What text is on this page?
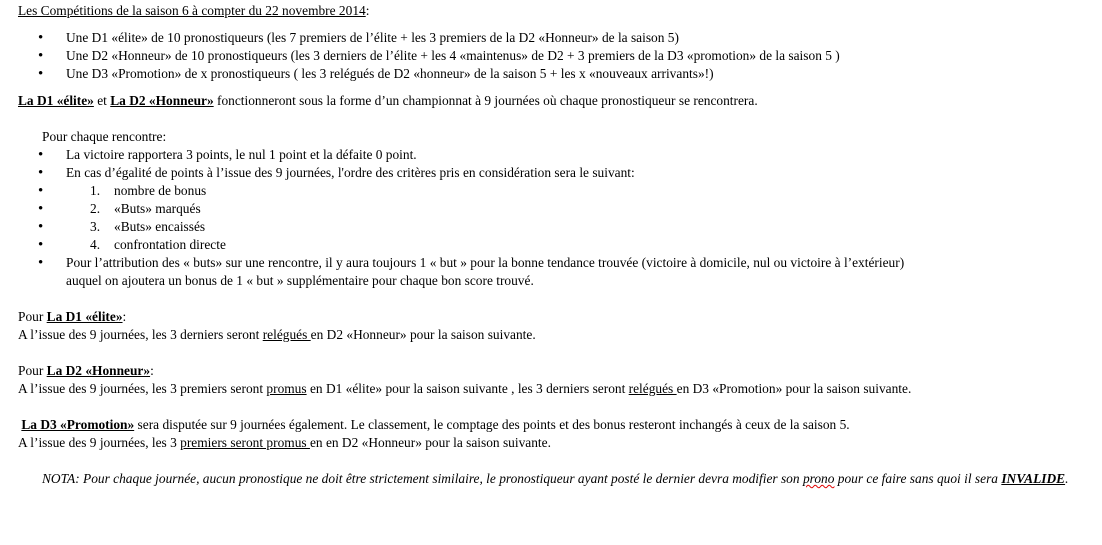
Les Compétitions de la saison 6 à compter du 22 novembre 2014:
• Une D1 «élite» de 10 pronostiqueurs (les 7 premiers de l’élite + les 3 premiers de la D2 «Honneur» de la saison 5)
• Une D2 «Honneur» de 10 pronostiqueurs (les 3 derniers de l’élite + les 4 «maintenus» de D2 + 3 premiers de la D3 «promotion» de la saison 5 )
• Une D3 «Promotion» de x pronostiqueurs ( les 3 relégués de D2 «honneur» de la saison 5 + les x «nouveaux arrivants»!)
La D1 «élite» et La D2 «Honneur» fonctionneront sous la forme d’un championnat à 9 journées où chaque pronostiqueur se rencontrera.
Pour chaque rencontre:
• La victoire rapportera 3 points, le nul 1 point et la défaite 0 point.
• En cas d’égalité de points à l’issue des 9 journées, l'ordre des critères pris en considération sera le suivant:
• 1. nombre de bonus
• 2. «Buts» marqués
• 3. «Buts» encaissés
• 4. confrontation directe
• Pour l’attribution des « buts» sur une rencontre, il y aura toujours 1 « but » pour la bonne tendance trouvée (victoire à domicile, nul ou victoire à l’extérieur)
auquel on ajoutera un bonus de 1 « but » supplémentaire pour chaque bon score trouvé.
Pour La D1 «élite»:
A l’issue des 9 journées, les 3 derniers seront relégués en D2 «Honneur» pour la saison suivante.
Pour La D2 «Honneur»:
A l’issue des 9 journées, les 3 premiers seront promus en D1 «élite» pour la saison suivante , les 3 derniers seront relégués en D3 «Promotion» pour la saison suivante.
La D3 «Promotion» sera disputée sur 9 journées également. Le classement, le comptage des points et des bonus resteront inchangés à ceux de la saison 5.
A l’issue des 9 journées, les 3 premiers seront promus en en D2 «Honneur» pour la saison suivante.
NOTA: Pour chaque journée, aucun pronostique ne doit être strictement similaire, le pronostiqueur ayant posté le dernier devra modifier son prono pour ce faire sans quoi il sera INVALIDE.
